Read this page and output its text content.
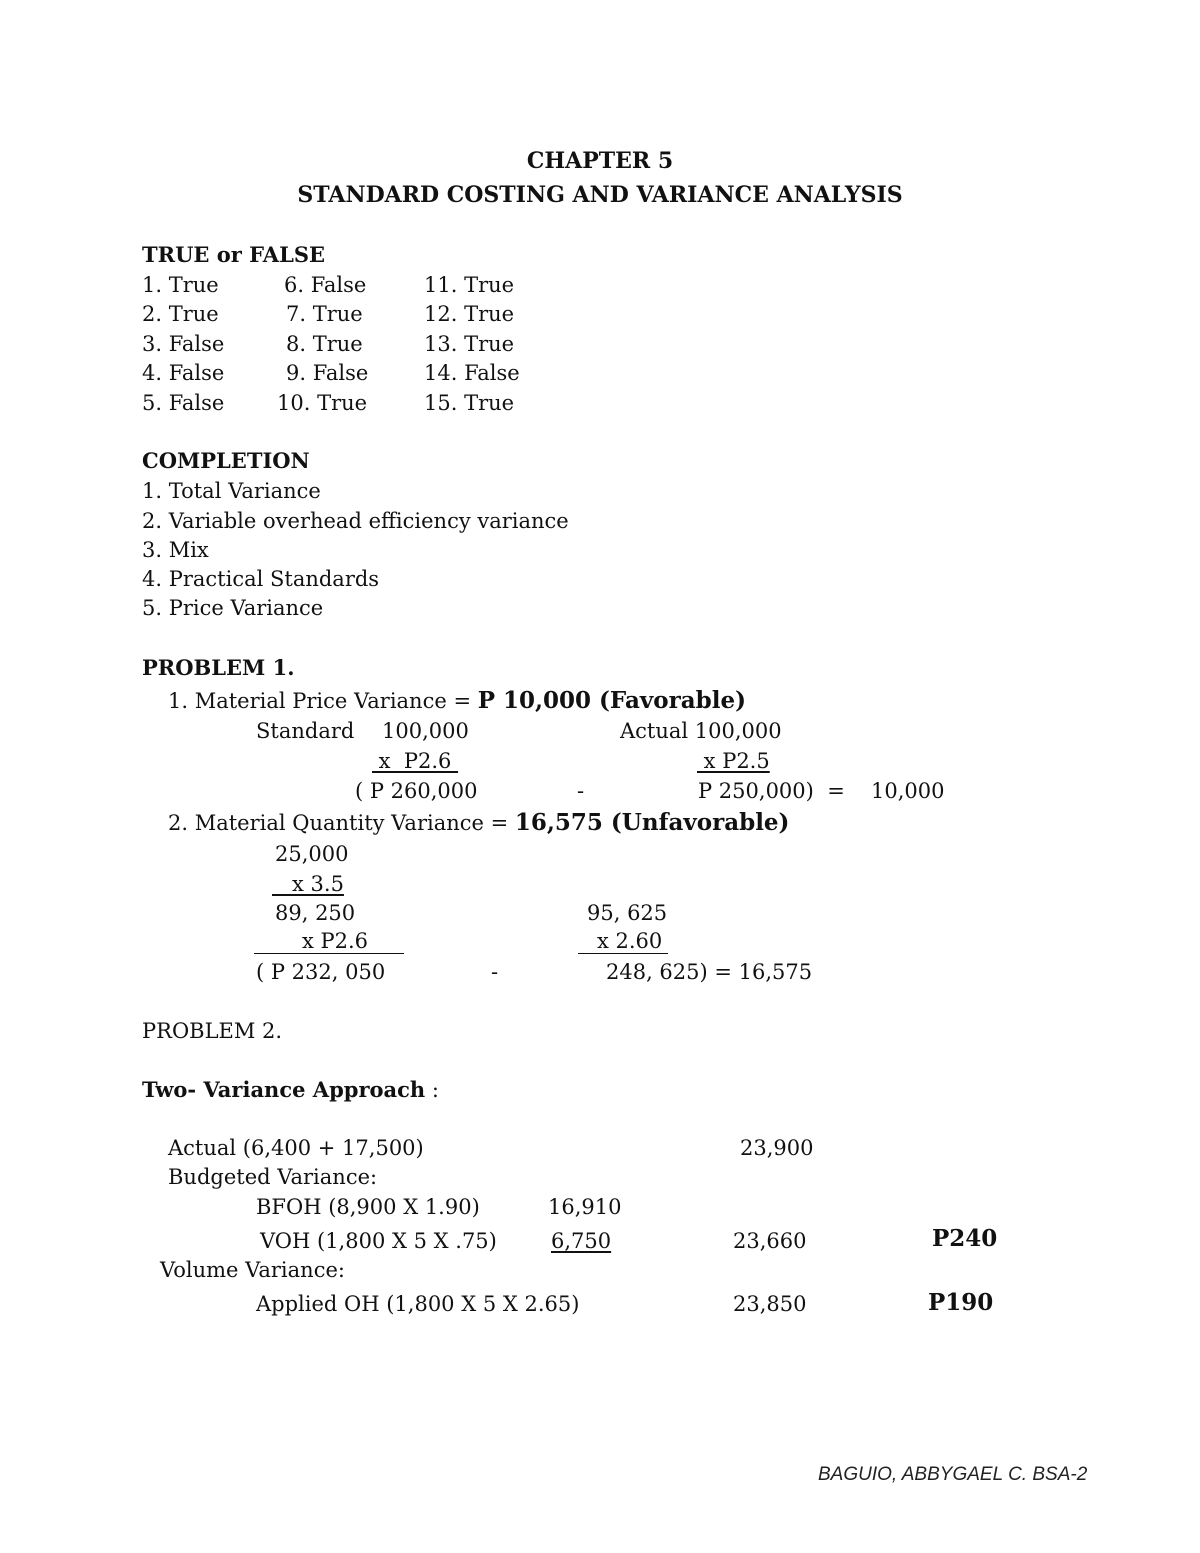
CHAPTER 5
STANDARD COSTING AND VARIANCE ANALYSIS
TRUE or FALSE
1. True
2. True
3. False
4. False
5. False
6. False
7. True
8. True
9. False
10. True
11. True
12. True
13. True
14. False
15. True
COMPLETION
1. Total Variance
2. Variable overhead efficiency variance
3. Mix
4. Practical Standards
5. Price Variance
PROBLEM 1.
1. Material Price Variance = P 10,000 (Favorable)
Standard 100,000	Actual 100,000
x  P2.6	x P2.5
( P 260,000	-	P 250,000)  = 10,000
2. Material Quantity Variance = 16,575 (Unfavorable)
25,000
x 3.5
89, 250	95, 625
x P2.6	x 2.60
( P 232, 050	-	248, 625) = 16,575
PROBLEM 2.
Two- Variance Approach :
Actual (6,400 + 17,500)	23,900
Budgeted Variance:
BFOH (8,900 X 1.90)	16,910
VOH (1,800 X 5 X .75)	6,750	23,660	P240
Volume Variance:
Applied OH (1,800 X 5 X 2.65)	23,850	P190
BAGUIO, ABBYGAEL C. BSA-2
